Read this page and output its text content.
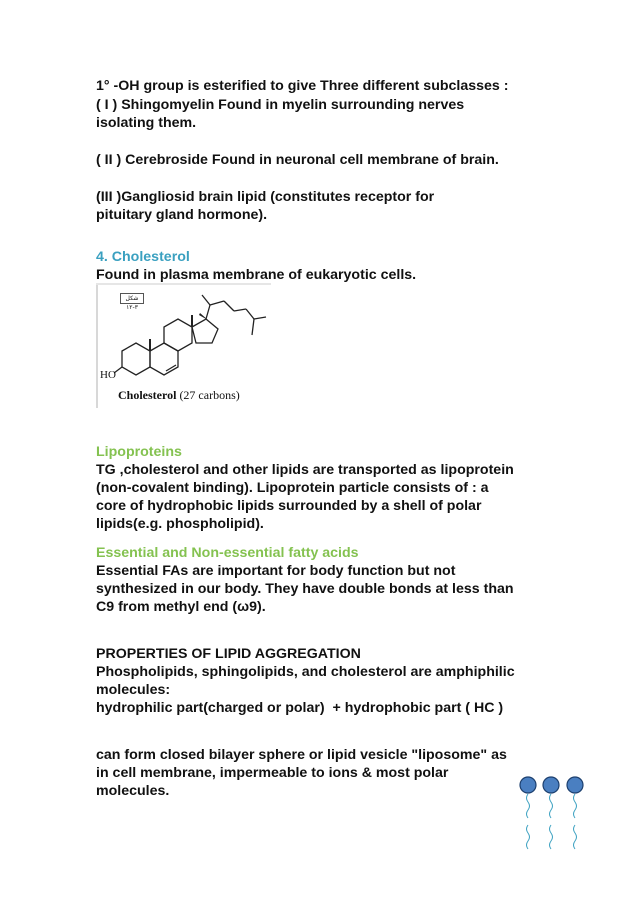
1° -OH group is esterified to give Three different subclasses :

( I ) Shingomyelin Found in myelin surrounding nerves

isolating them.

( II ) Cerebroside Found in neuronal cell membrane of brain.

(III )Gangliosid brain lipid (constitutes receptor for

pituitary gland hormone).

4. Cholesterol

Found in plasma membrane of eukaryotic cells.

شكل ٣-١٢
HO
Cholesterol (27 carbons)

Lipoproteins

TG ,cholesterol and other lipids are transported as lipoprotein

(non-covalent binding). Lipoprotein particle consists of : a

core of hydrophobic lipids surrounded by a shell of polar

lipids(e.g. phospholipid).

Essential and Non-essential fatty acids

Essential FAs are important for body function but not

synthesized in our body. They have double bonds at less than

C9 from methyl end (ω9).

PROPERTIES OF LIPID AGGREGATION

Phospholipids, sphingolipids, and cholesterol are amphiphilic

molecules:

hydrophilic part(charged or polar)  + hydrophobic part ( HC )

can form closed bilayer sphere or lipid vesicle "liposome" as

in cell membrane, impermeable to ions & most polar

molecules.
